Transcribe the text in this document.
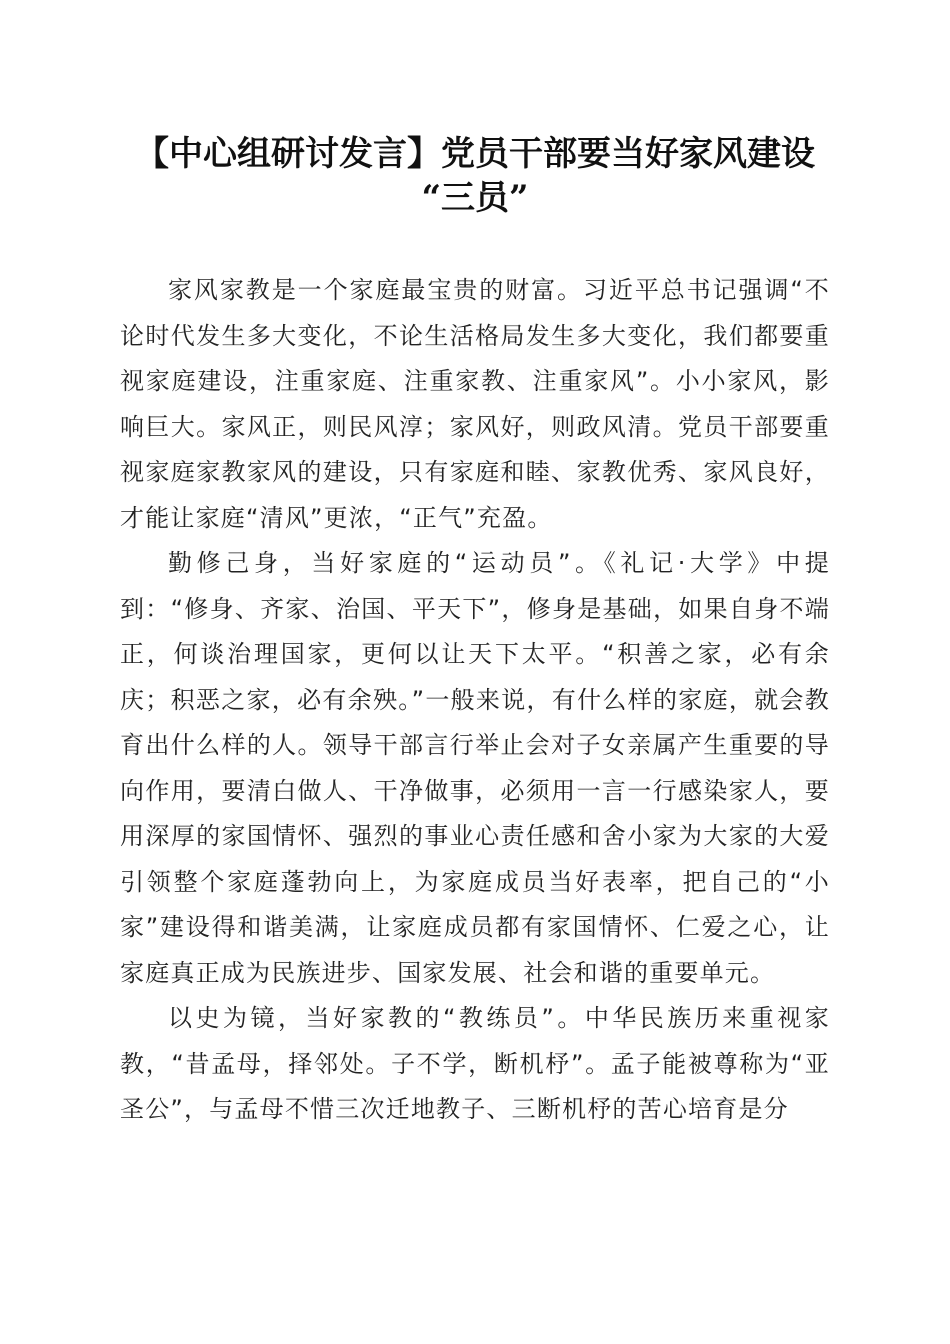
【中心组研讨发言】党员干部要当好家风建设
“三员”

家风家教是一个家庭最宝贵的财富。习近平总书记强调“不论时代发生多大变化，不论生活格局发生多大变化，我们都要重视家庭建设，注重家庭、注重家教、注重家风”。小小家风，影响巨大。家风正，则民风淳；家风好，则政风清。党员干部要重视家庭家教家风的建设，只有家庭和睦、家教优秀、家风良好，才能让家庭“清风”更浓，“正气”充盈。

勤修己身，当好家庭的“运动员”。《礼记·大学》中提到：“修身、齐家、治国、平天下”，修身是基础，如果自身不端正，何谈治理国家，更何以让天下太平。“积善之家，必有余庆；积恶之家，必有余殃。”一般来说，有什么样的家庭，就会教育出什么样的人。领导干部言行举止会对子女亲属产生重要的导向作用，要清白做人、干净做事，必须用一言一行感染家人，要用深厚的家国情怀、强烈的事业心责任感和舍小家为大家的大爱引领整个家庭蓬勃向上，为家庭成员当好表率，把自己的“小家”建设得和谐美满，让家庭成员都有家国情怀、仁爱之心，让家庭真正成为民族进步、国家发展、社会和谐的重要单元。

以史为镜，当好家教的“教练员”。中华民族历来重视家教，“昔孟母，择邻处。子不学，断机杼”。孟子能被尊称为“亚圣公”，与孟母不惜三次迁地教子、三断机杼的苦心培育是分
